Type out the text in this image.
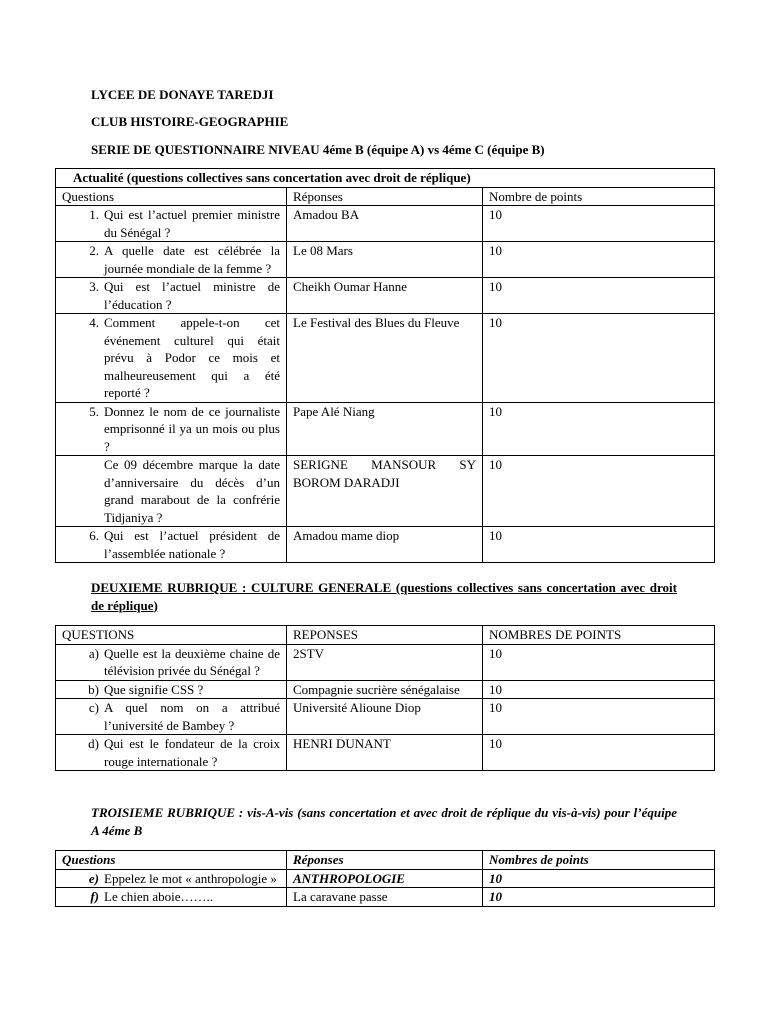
LYCEE DE DONAYE TAREDJI
CLUB HISTOIRE-GEOGRAPHIE
SERIE DE QUESTIONNAIRE NIVEAU 4éme B (équipe A) vs 4éme C (équipe B)
Actualité (questions collectives sans concertation avec droit de réplique)		
Questions	Réponses	Nombre de points

1. Qui est l’actuel premier ministre du Sénégal ?	Amadou BA	10

2. A quelle date est célébrée la journée mondiale de la femme ?	Le 08 Mars	10

3. Qui est l’actuel ministre de l’éducation ?	Cheikh Oumar Hanne	10

4. Comment appele-t-on cet événement culturel qui était prévu à Podor ce mois et malheureusement qui a été reporté ?	Le Festival des Blues du Fleuve	10

5. Donnez le nom de ce journaliste emprisonné il ya un mois ou plus ?	Pape Alé Niang	10

Ce 09 décembre marque la date d’anniversaire du décès d’un grand marabout de la confrérie Tidjaniya ?	SERIGNE MANSOUR SY BOROM DARADJI	10

6. Qui est l’actuel président de l’assemblée nationale ?	Amadou mame diop	10
DEUXIEME RUBRIQUE : CULTURE GENERALE (questions collectives sans concertation avec droit de réplique)
QUESTIONS	REPONSES	NOMBRES DE POINTS

a) Quelle est la deuxième chaine de télévision privée du Sénégal ?	2STV	10

b) Que signifie CSS ?	Compagnie sucrière sénégalaise	10

c) A quel nom on a attribué l’université de Bambey ?	Université Alioune Diop	10

d) Qui est le fondateur de la croix rouge internationale ?	HENRI DUNANT	10
TROISIEME RUBRIQUE : vis-A-vis (sans concertation et avec droit de réplique du vis-à-vis) pour l’équipe A 4éme B
Questions	Réponses	Nombres de points

e) Eppelez le mot « anthropologie »	ANTHROPOLOGIE	10

f) Le chien aboie……..	La caravane passe	10
